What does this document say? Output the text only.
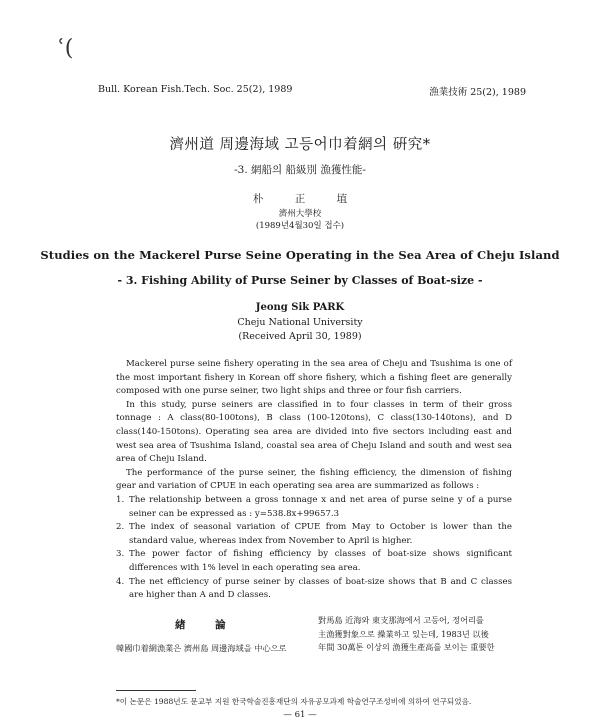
ʿ(
Bull. Korean Fish.Tech. Soc. 25(2), 1989	漁業技術 25(2), 1989
濟州道 周邊海域 고등어巾着網의 硏究*
-3. 網船의 船級別 漁獲性能-
朴 正 埴
濟州大學校
(1989년4월30일 접수)
Studies on the Mackerel Purse Seine Operating in the Sea Area of Cheju Island
- 3. Fishing Ability of Purse Seiner by Classes of Boat-size -
Jeong Sik PARK
Cheju National University
(Received April 30, 1989)

Mackerel purse seine fishery operating in the sea area of Cheju and Tsushima is one of the most important fishery in Korean off shore fishery, which a fishing fleet are generally composed with one purse seiner, two light ships and three or four fish carriers.

In this study, purse seiners are classified in to four classes in term of their gross tonnage : A class(80-100tons), B class (100-120tons), C class(130-140tons), and D class(140-150tons). Operating sea area are divided into five sectors including east and west sea area of Tsushima Island, coastal sea area of Cheju Island and south and west sea area of Cheju Island.

The performance of the purse seiner, the fishing efficiency, the dimension of fishing gear and variation of CPUE in each operating sea area are summarized as follows :

1. The relationship between a gross tonnage x and net area of purse seine y of a purse seiner can be expressed as : y=538.8x+99657.3

2. The index of seasonal variation of CPUE from May to October is lower than the standard value, whereas index from November to April is higher.

3. The power factor of fishing efficiency by classes of boat-size shows significant differences with 1% level in each operating sea area.

4. The net efficiency of purse seiner by classes of boat-size shows that B and C classes are higher than A and D classes.

緖 論
韓國巾着網漁業은 濟州島 周邊海域을 中心으로
對馬島 近海와 東支那海에서 고등어, 정어리를
主漁獲對象으로 操業하고 있는데, 1983년 以後
年間 30萬톤 이상의 漁獲生產高를 보이는 重要한
*이 논문은 1988년도 문교부 지원 한국학술진흥재단의 자유공모과제 학술연구조성비에 의하여 연구되었음.
— 61 —
